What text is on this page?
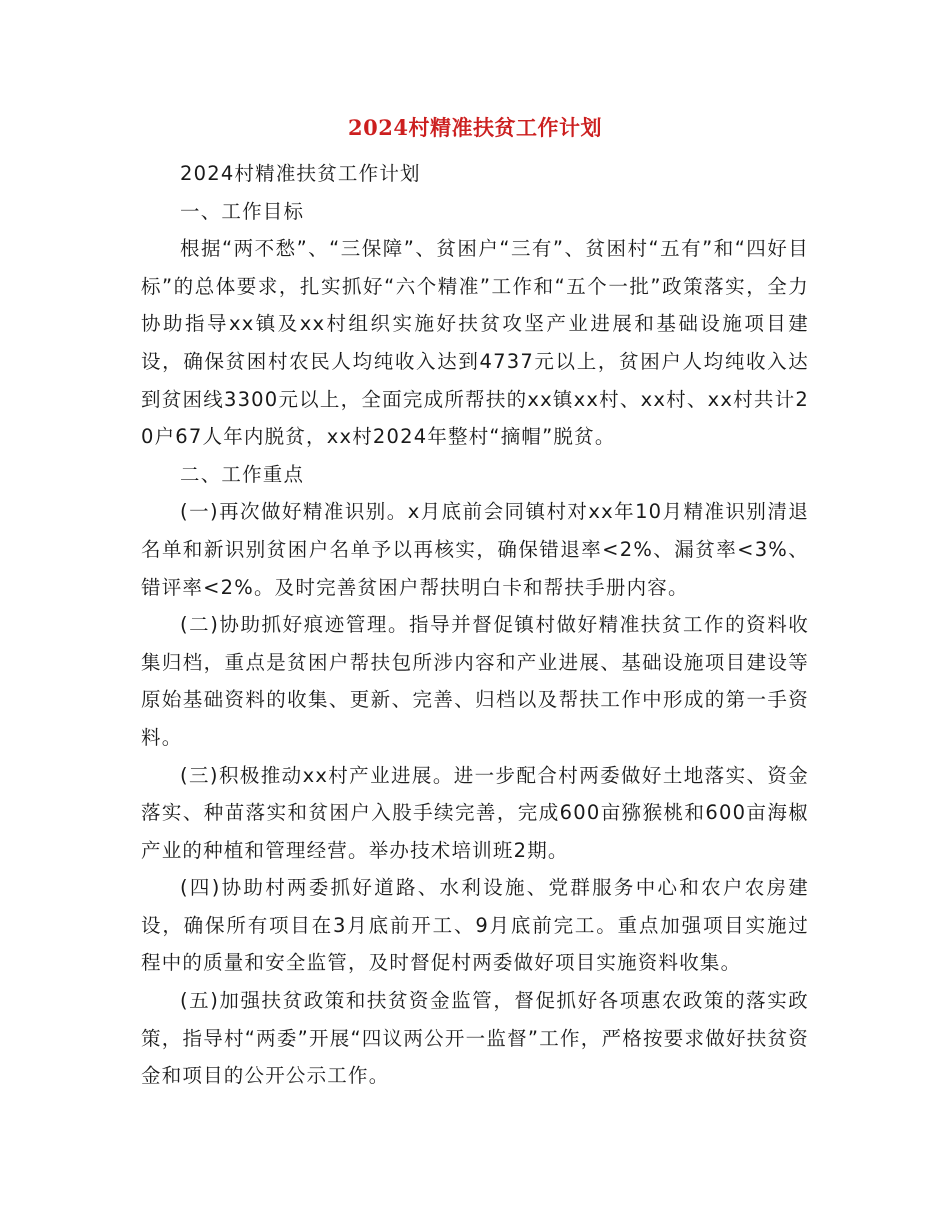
2024村精准扶贫工作计划

2024村精准扶贫工作计划

一、工作目标

根据“两不愁”、“三保障”、贫困户“三有”、贫困村“五有”和“四好目标”的总体要求，扎实抓好“六个精准”工作和“五个一批”政策落实，全力协助指导xx镇及xx村组织实施好扶贫攻坚产业进展和基础设施项目建设，确保贫困村农民人均纯收入达到4737元以上，贫困户人均纯收入达到贫困线3300元以上，全面完成所帮扶的xx镇xx村、xx村、xx村共计20户67人年内脱贫，xx村2024年整村“摘帽”脱贫。

二、工作重点

(一)再次做好精准识别。x月底前会同镇村对xx年10月精准识别清退名单和新识别贫困户名单予以再核实，确保错退率<2%、漏贫率<3%、错评率<2%。及时完善贫困户帮扶明白卡和帮扶手册内容。

(二)协助抓好痕迹管理。指导并督促镇村做好精准扶贫工作的资料收集归档，重点是贫困户帮扶包所涉内容和产业进展、基础设施项目建设等原始基础资料的收集、更新、完善、归档以及帮扶工作中形成的第一手资料。

(三)积极推动xx村产业进展。进一步配合村两委做好土地落实、资金落实、种苗落实和贫困户入股手续完善，完成600亩猕猴桃和600亩海椒产业的种植和管理经营。举办技术培训班2期。

(四)协助村两委抓好道路、水利设施、党群服务中心和农户农房建设，确保所有项目在3月底前开工、9月底前完工。重点加强项目实施过程中的质量和安全监管，及时督促村两委做好项目实施资料收集。

(五)加强扶贫政策和扶贫资金监管，督促抓好各项惠农政策的落实政策，指导村“两委”开展“四议两公开一监督”工作，严格按要求做好扶贫资金和项目的公开公示工作。
